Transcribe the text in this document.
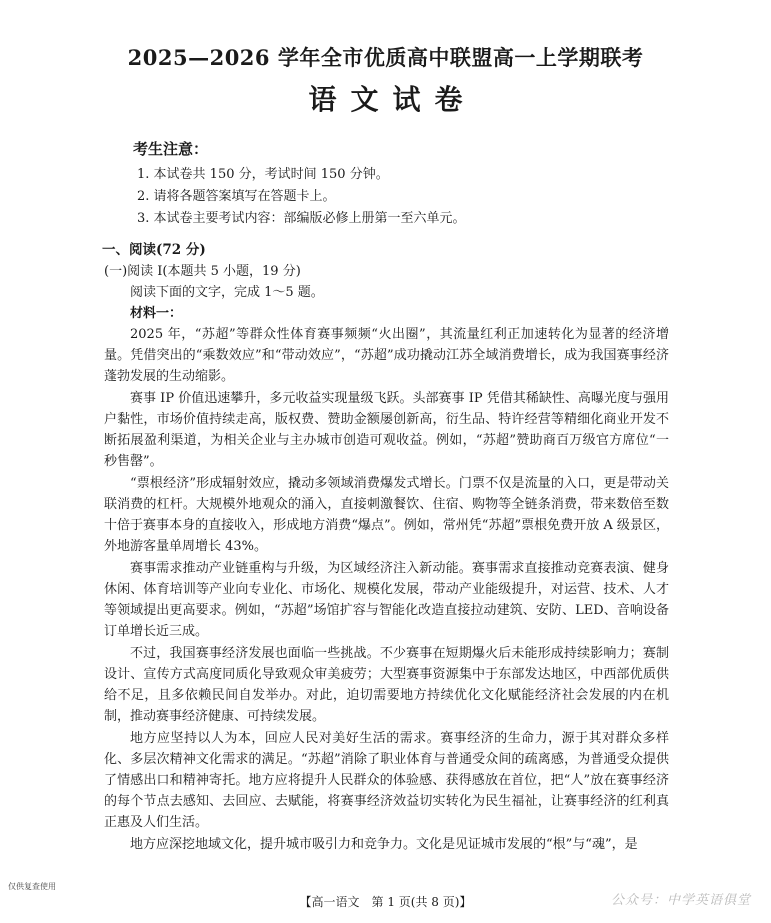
2025—2026 学年全市优质高中联盟高一上学期联考
语文试卷
考生注意：
1. 本试卷共 150 分，考试时间 150 分钟。
2. 请将各题答案填写在答题卡上。
3. 本试卷主要考试内容：部编版必修上册第一至六单元。
一、阅读(72 分)
(一)阅读 Ⅰ(本题共 5 小题，19 分)
阅读下面的文字，完成 1～5 题。
材料一：

2025 年，“苏超”等群众性体育赛事频频“火出圈”，其流量红利正加速转化为显著的经济增量。凭借突出的“乘数效应”和“带动效应”，“苏超”成功撬动江苏全域消费增长，成为我国赛事经济蓬勃发展的生动缩影。

赛事 IP 价值迅速攀升，多元收益实现量级飞跃。头部赛事 IP 凭借其稀缺性、高曝光度与强用户黏性，市场价值持续走高，版权费、赞助金额屡创新高，衍生品、特许经营等精细化商业开发不断拓展盈利渠道，为相关企业与主办城市创造可观收益。例如，“苏超”赞助商百万级官方席位“一秒售罄”。

“票根经济”形成辐射效应，撬动多领域消费爆发式增长。门票不仅是流量的入口，更是带动关联消费的杠杆。大规模外地观众的涌入，直接刺激餐饮、住宿、购物等全链条消费，带来数倍至数十倍于赛事本身的直接收入，形成地方消费“爆点”。例如，常州凭“苏超”票根免费开放 A 级景区，外地游客量单周增长 43%。

赛事需求推动产业链重构与升级，为区域经济注入新动能。赛事需求直接推动竞赛表演、健身休闲、体育培训等产业向专业化、市场化、规模化发展，带动产业能级提升，对运营、技术、人才等领域提出更高要求。例如，“苏超”场馆扩容与智能化改造直接拉动建筑、安防、LED、音响设备订单增长近三成。

不过，我国赛事经济发展也面临一些挑战。不少赛事在短期爆火后未能形成持续影响力；赛制设计、宣传方式高度同质化导致观众审美疲劳；大型赛事资源集中于东部发达地区，中西部优质供给不足，且多依赖民间自发举办。对此，迫切需要地方持续优化文化赋能经济社会发展的内在机制，推动赛事经济健康、可持续发展。

地方应坚持以人为本，回应人民对美好生活的需求。赛事经济的生命力，源于其对群众多样化、多层次精神文化需求的满足。“苏超”消除了职业体育与普通受众间的疏离感，为普通受众提供了情感出口和精神寄托。地方应将提升人民群众的体验感、获得感放在首位，把“人”放在赛事经济的每个节点去感知、去回应、去赋能，将赛事经济效益切实转化为民生福祉，让赛事经济的红利真正惠及人们生活。

地方应深挖地域文化，提升城市吸引力和竞争力。文化是见证城市发展的“根”与“魂”，是

仅供复查使用
【高一语文　第 1 页(共 8 页)】	公众号：中学英语俱堂
